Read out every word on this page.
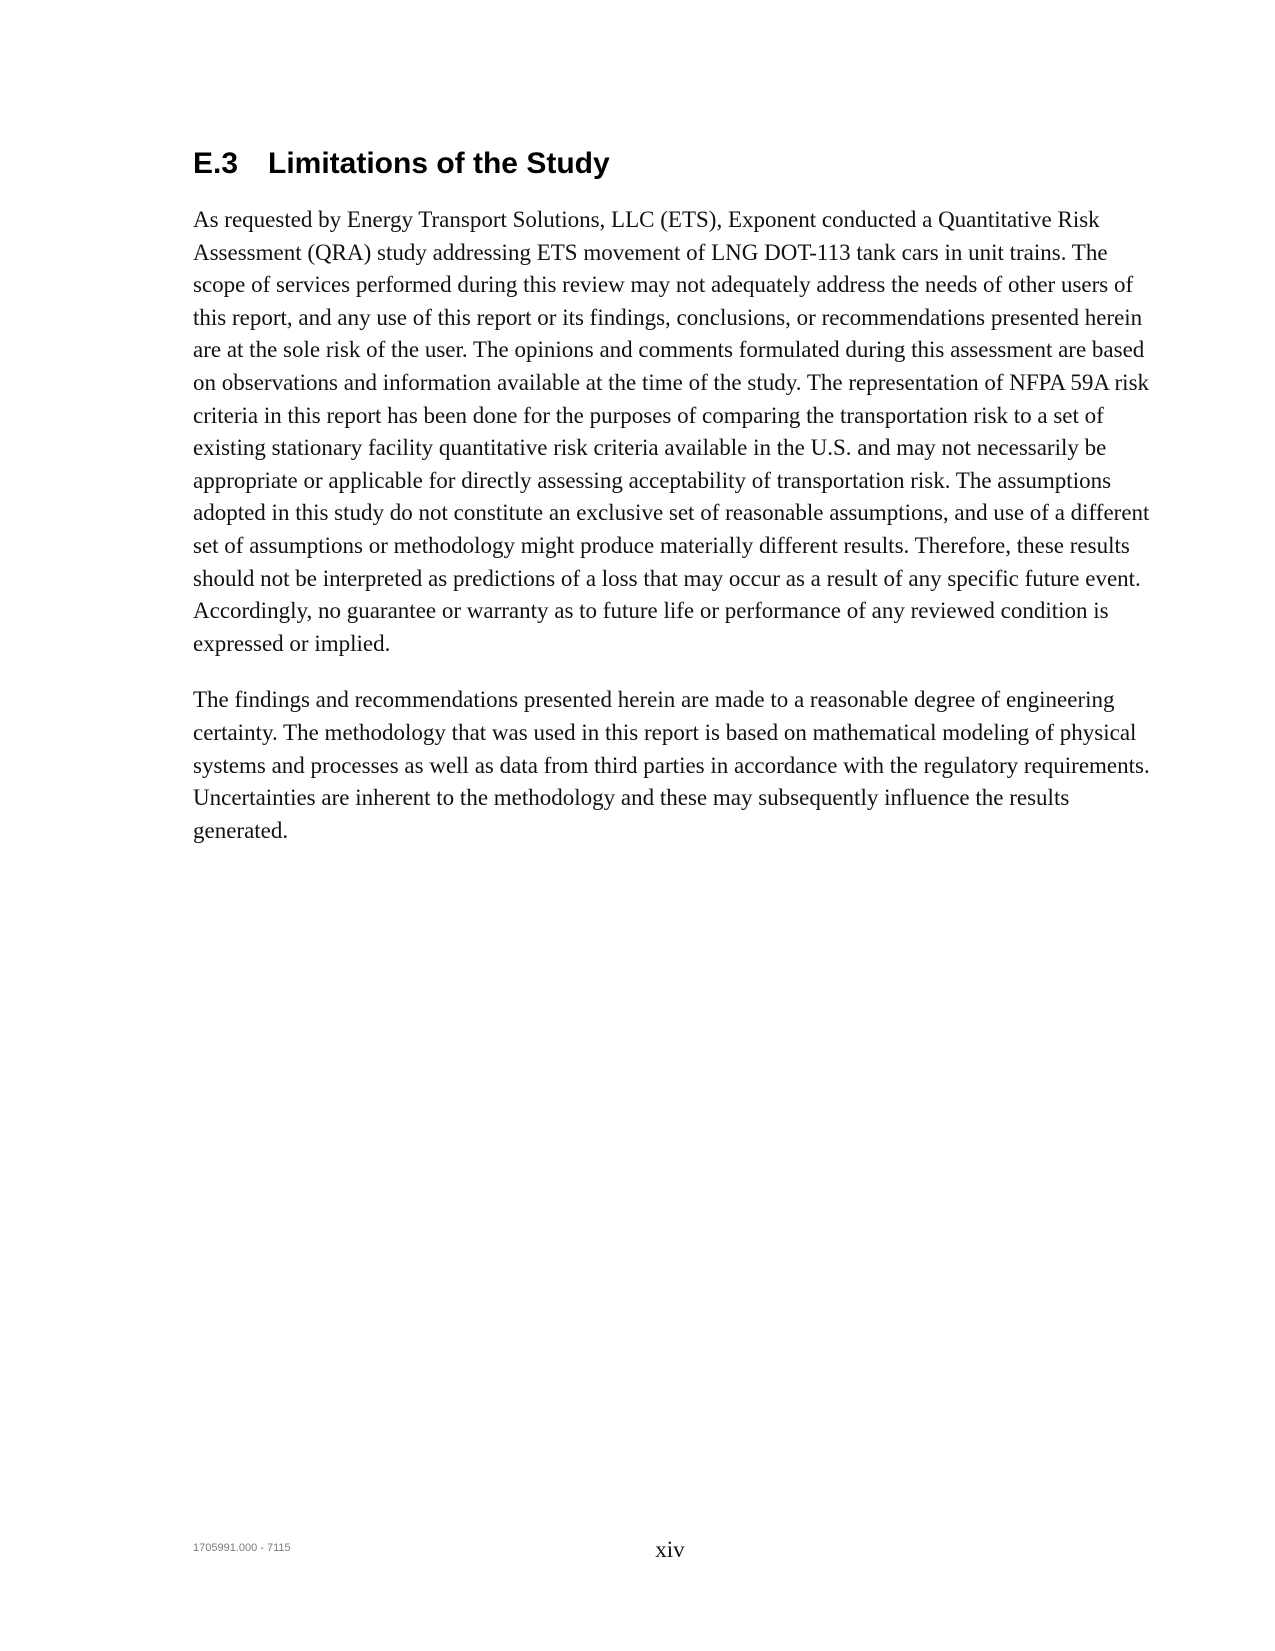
E.3 Limitations of the Study

As requested by Energy Transport Solutions, LLC (ETS), Exponent conducted a Quantitative Risk Assessment (QRA) study addressing ETS movement of LNG DOT-113 tank cars in unit trains. The scope of services performed during this review may not adequately address the needs of other users of this report, and any use of this report or its findings, conclusions, or recommendations presented herein are at the sole risk of the user. The opinions and comments formulated during this assessment are based on observations and information available at the time of the study. The representation of NFPA 59A risk criteria in this report has been done for the purposes of comparing the transportation risk to a set of existing stationary facility quantitative risk criteria available in the U.S. and may not necessarily be appropriate or applicable for directly assessing acceptability of transportation risk. The assumptions adopted in this study do not constitute an exclusive set of reasonable assumptions, and use of a different set of assumptions or methodology might produce materially different results. Therefore, these results should not be interpreted as predictions of a loss that may occur as a result of any specific future event. Accordingly, no guarantee or warranty as to future life or performance of any reviewed condition is expressed or implied.

The findings and recommendations presented herein are made to a reasonable degree of engineering certainty. The methodology that was used in this report is based on mathematical modeling of physical systems and processes as well as data from third parties in accordance with the regulatory requirements. Uncertainties are inherent to the methodology and these may subsequently influence the results generated.

1705991.000 - 7115	xiv
